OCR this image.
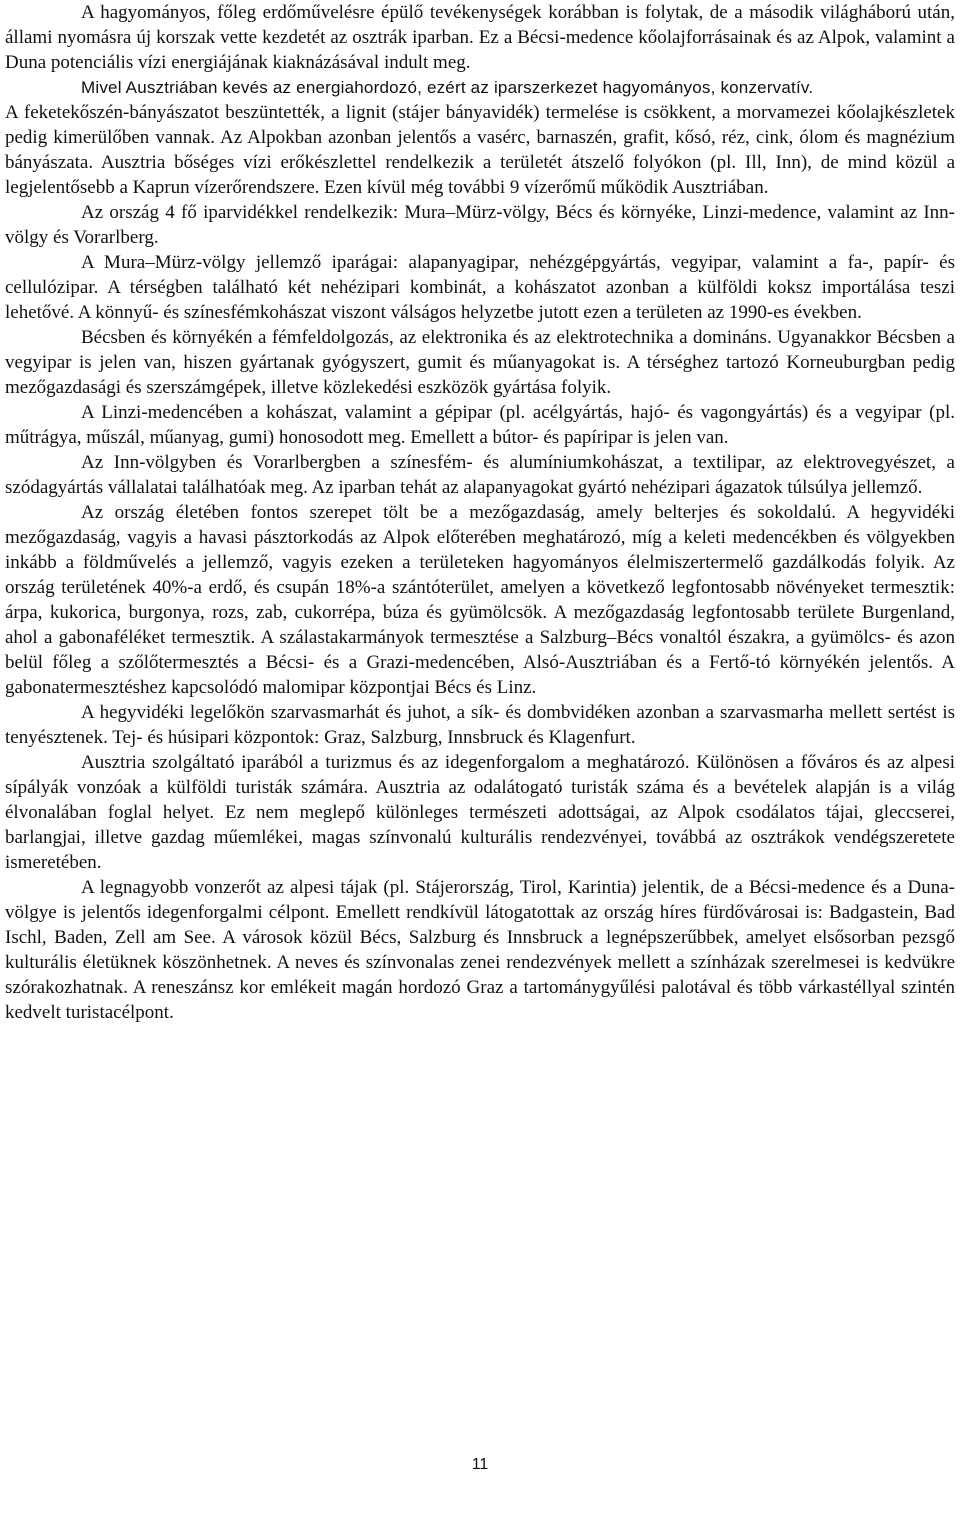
A hagyományos, főleg erdőművelésre épülő tevékenységek korábban is folytak, de a második világháború után, állami nyomásra új korszak vette kezdetét az osztrák iparban. Ez a Bécsi-medence kőolajforrásainak és az Alpok, valamint a Duna potenciális vízi energiájának kiaknázásával indult meg.

Mivel Ausztriában kevés az energiahordozó, ezért az iparszerkezet hagyományos, konzervatív.

A feketekőszén-bányászatot beszüntették, a lignit (stájer bányavidék) termelése is csökkent, a morvamezei kőolajkészletek pedig kimerülőben vannak. Az Alpokban azonban jelentős a vasérc, barnaszén, grafit, kősó, réz, cink, ólom és magnézium bányászata. Ausztria bőséges vízi erőkészlettel rendelkezik a területét átszelő folyókon (pl. Ill, Inn), de mind közül a legjelentősebb a Kaprun vízerőrendszere. Ezen kívül még további 9 vízerőmű működik Ausztriában.

Az ország 4 fő iparvidékkel rendelkezik: Mura–Mürz-völgy, Bécs és környéke, Linzi-medence, valamint az Inn-völgy és Vorarlberg.

A Mura–Mürz-völgy jellemző iparágai: alapanyagipar, nehézgépgyártás, vegyipar, valamint a fa-, papír- és cellulózipar. A térségben található két nehézipari kombinát, a kohászatot azonban a külföldi koksz importálása teszi lehetővé. A könnyű- és színesfémkohászat viszont válságos helyzetbe jutott ezen a területen az 1990-es években.

Bécsben és környékén a fémfeldolgozás, az elektronika és az elektrotechnika a domináns. Ugyanakkor Bécsben a vegyipar is jelen van, hiszen gyártanak gyógyszert, gumit és műanyagokat is. A térséghez tartozó Korneuburgban pedig mezőgazdasági és szerszámgépek, illetve közlekedési eszközök gyártása folyik.

A Linzi-medencében a kohászat, valamint a gépipar (pl. acélgyártás, hajó- és vagongyártás) és a vegyipar (pl. műtrágya, műszál, műanyag, gumi) honosodott meg. Emellett a bútor- és papíripar is jelen van.

Az Inn-völgyben és Vorarlbergben a színesfém- és alumíniumkohászat, a textilipar, az elektrovegyészet, a szódagyártás vállalatai találhatóak meg. Az iparban tehát az alapanyagokat gyártó nehézipari ágazatok túlsúlya jellemző.

Az ország életében fontos szerepet tölt be a mezőgazdaság, amely belterjes és sokoldalú. A hegyvidéki mezőgazdaság, vagyis a havasi pásztorkodás az Alpok előterében meghatározó, míg a keleti medencékben és völgyekben inkább a földművelés a jellemző, vagyis ezeken a területeken hagyományos élelmiszertermelő gazdálkodás folyik. Az ország területének 40%-a erdő, és csupán 18%-a szántóterület, amelyen a következő legfontosabb növényeket termesztik: árpa, kukorica, burgonya, rozs, zab, cukorrépa, búza és gyümölcsök. A mezőgazdaság legfontosabb területe Burgenland, ahol a gabonaféléket termesztik. A szálastakarmányok termesztése a Salzburg–Bécs vonaltól északra, a gyümölcs- és azon belül főleg a szőlőtermesztés a Bécsi- és a Grazi-medencében, Alsó-Ausztriában és a Fertő-tó környékén jelentős. A gabonatermesztéshez kapcsolódó malomipar központjai Bécs és Linz.

A hegyvidéki legelőkön szarvasmarhát és juhot, a sík- és dombvidéken azonban a szarvasmarha mellett sertést is tenyésztenek. Tej- és húsipari központok: Graz, Salzburg, Innsbruck és Klagenfurt.

Ausztria szolgáltató iparából a turizmus és az idegenforgalom a meghatározó. Különösen a főváros és az alpesi sípályák vonzóak a külföldi turisták számára. Ausztria az odalátogató turisták száma és a bevételek alapján is a világ élvonalában foglal helyet. Ez nem meglepő különleges természeti adottságai, az Alpok csodálatos tájai, gleccserei, barlangjai, illetve gazdag műemlékei, magas színvonalú kulturális rendezvényei, továbbá az osztrákok vendégszeretete ismeretében.

A legnagyobb vonzerőt az alpesi tájak (pl. Stájerország, Tirol, Karintia) jelentik, de a Bécsi-medence és a Duna-völgye is jelentős idegenforgalmi célpont. Emellett rendkívül látogatottak az ország híres fürdővárosai is: Badgastein, Bad Ischl, Baden, Zell am See. A városok közül Bécs, Salzburg és Innsbruck a legnépszerűbbek, amelyet elsősorban pezsgő kulturális életüknek köszönhetnek. A neves és színvonalas zenei rendezvények mellett a színházak szerelmesei is kedvükre szórakozhatnak. A reneszánsz kor emlékeit magán hordozó Graz a tartománygyűlési palotával és több várkastéllyal szintén kedvelt turistacélpont.

11
